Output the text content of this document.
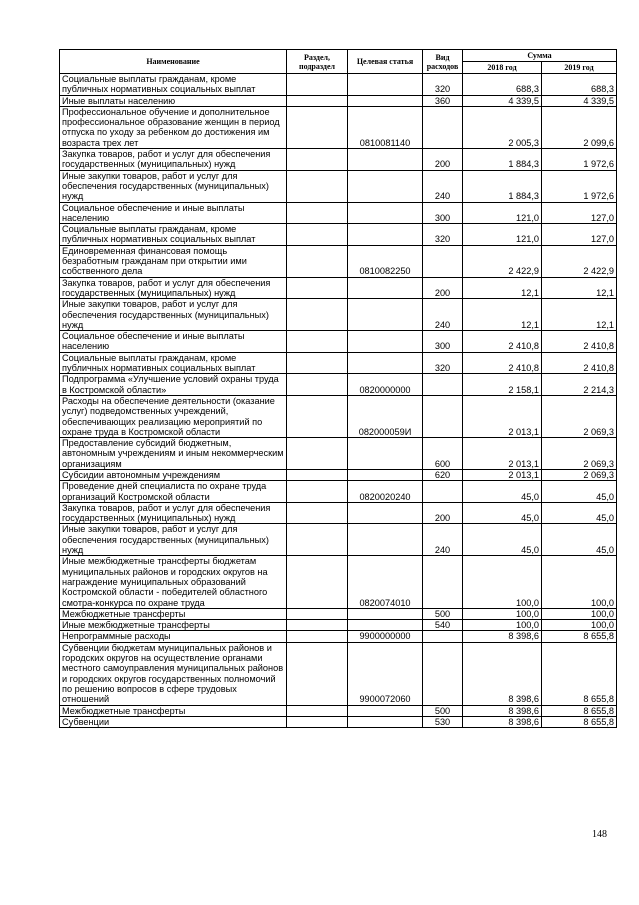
Наименование	Раздел, подраздел	Целевая статья	Вид расходов	Сумма	
				2018 год	2019 год
Социальные выплаты гражданам, кроме публичных нормативных социальных выплат			320	688,3	688,3
Иные выплаты населению			360	4 339,5	4 339,5
Профессиональное обучение и дополнительное профессиональное образование женщин в период отпуска по уходу за ребенком до достижения им возраста трех лет		0810081140		2 005,3	2 099,6
Закупка товаров, работ и услуг для обеспечения государственных (муниципальных) нужд			200	1 884,3	1 972,6
Иные закупки товаров, работ и услуг для обеспечения государственных (муниципальных) нужд			240	1 884,3	1 972,6
Социальное обеспечение и иные выплаты населению			300	121,0	127,0
Социальные выплаты гражданам, кроме публичных нормативных социальных выплат			320	121,0	127,0
Единовременная финансовая помощь безработным гражданам при открытии ими собственного дела		0810082250		2 422,9	2 422,9
Закупка товаров, работ и услуг для обеспечения государственных (муниципальных) нужд			200	12,1	12,1
Иные закупки товаров, работ и услуг для обеспечения государственных (муниципальных) нужд			240	12,1	12,1
Социальное обеспечение и иные выплаты населению			300	2 410,8	2 410,8
Социальные выплаты гражданам, кроме публичных нормативных социальных выплат			320	2 410,8	2 410,8
Подпрограмма «Улучшение условий охраны труда в Костромской области»		0820000000		2 158,1	2 214,3
Расходы на обеспечение деятельности (оказание услуг) подведомственных учреждений, обеспечивающих реализацию мероприятий по охране труда в Костромской области		082000059И		2 013,1	2 069,3
Предоставление субсидий бюджетным, автономным учреждениям и иным некоммерческим организациям			600	2 013,1	2 069,3
Субсидии автономным учреждениям			620	2 013,1	2 069,3
Проведение дней специалиста по охране труда организаций Костромской области		0820020240		45,0	45,0
Закупка товаров, работ и услуг для обеспечения государственных (муниципальных) нужд			200	45,0	45,0
Иные закупки товаров, работ и услуг для обеспечения государственных (муниципальных) нужд			240	45,0	45,0
Иные межбюджетные трансферты бюджетам муниципальных районов и городских округов на награждение муниципальных образований Костромской области - победителей областного смотра-конкурса по охране труда		0820074010		100,0	100,0
Межбюджетные трансферты			500	100,0	100,0
Иные межбюджетные трансферты			540	100,0	100,0
Непрограммные расходы		9900000000		8 398,6	8 655,8
Субвенции бюджетам муниципальных районов и городских округов на осуществление органами местного самоуправления муниципальных районов и городских округов государственных полномочий по решению вопросов в сфере трудовых отношений		9900072060		8 398,6	8 655,8
Межбюджетные трансферты			500	8 398,6	8 655,8
Субвенции			530	8 398,6	8 655,8
148
